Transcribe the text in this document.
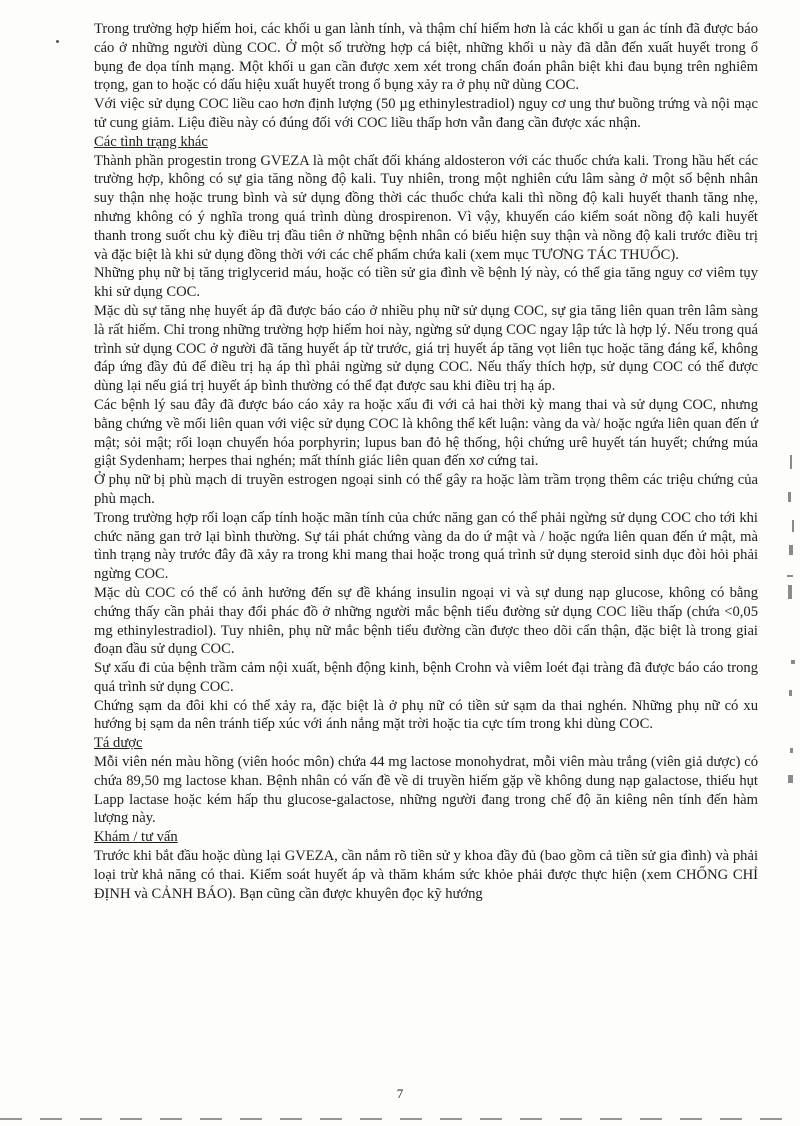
Trong trường hợp hiếm hoi, các khối u gan lành tính, và thậm chí hiếm hơn là các khối u gan ác tính đã được báo cáo ở những người dùng COC. Ở một số trường hợp cá biệt, những khối u này đã dẫn đến xuất huyết trong ổ bụng đe dọa tính mạng. Một khối u gan cần được xem xét trong chẩn đoán phân biệt khi đau bụng trên nghiêm trọng, gan to hoặc có dấu hiệu xuất huyết trong ổ bụng xảy ra ở phụ nữ dùng COC.

Với việc sử dụng COC liều cao hơn định lượng (50 µg ethinylestradiol) nguy cơ ung thư buồng trứng và nội mạc tử cung giảm. Liệu điều này có đúng đối với COC liều thấp hơn vẫn đang cần được xác nhận.

Các tình trạng khác

Thành phần progestin trong GVEZA là một chất đối kháng aldosteron với các thuốc chứa kali. Trong hầu hết các trường hợp, không có sự gia tăng nồng độ kali. Tuy nhiên, trong một nghiên cứu lâm sàng ở một số bệnh nhân suy thận nhẹ hoặc trung bình và sử dụng đồng thời các thuốc chứa kali thì nồng độ kali huyết thanh tăng nhẹ, nhưng không có ý nghĩa trong quá trình dùng drospirenon. Vì vậy, khuyến cáo kiểm soát nồng độ kali huyết thanh trong suốt chu kỳ điều trị đầu tiên ở những bệnh nhân có biểu hiện suy thận và nồng độ kali trước điều trị và đặc biệt là khi sử dụng đồng thời với các chế phẩm chứa kali (xem mục TƯƠNG TÁC THUỐC).

Những phụ nữ bị tăng triglycerid máu, hoặc có tiền sử gia đình về bệnh lý này, có thể gia tăng nguy cơ viêm tụy khi sử dụng COC.

Mặc dù sự tăng nhẹ huyết áp đã được báo cáo ở nhiều phụ nữ sử dụng COC, sự gia tăng liên quan trên lâm sàng là rất hiếm. Chỉ trong những trường hợp hiếm hoi này, ngừng sử dụng COC ngay lập tức là hợp lý. Nếu trong quá trình sử dụng COC ở người đã tăng huyết áp từ trước, giá trị huyết áp tăng vọt liên tục hoặc tăng đáng kể, không đáp ứng đầy đủ để điều trị hạ áp thì phải ngừng sử dụng COC. Nếu thấy thích hợp, sử dụng COC có thể được dùng lại nếu giá trị huyết áp bình thường có thể đạt được sau khi điều trị hạ áp.

Các bệnh lý sau đây đã được báo cáo xảy ra hoặc xấu đi với cả hai thời kỳ mang thai và sử dụng COC, nhưng bằng chứng về mối liên quan với việc sử dụng COC là không thể kết luận: vàng da và/ hoặc ngứa liên quan đến ứ mật; sỏi mật; rối loạn chuyển hóa porphyrin; lupus ban đỏ hệ thống, hội chứng urê huyết tán huyết; chứng múa giật Sydenham; herpes thai nghén; mất thính giác liên quan đến xơ cứng tai.

Ở phụ nữ bị phù mạch di truyền estrogen ngoại sinh có thể gây ra hoặc làm trầm trọng thêm các triệu chứng của phù mạch.

Trong trường hợp rối loạn cấp tính hoặc mãn tính của chức năng gan có thể phải ngừng sử dụng COC cho tới khi chức năng gan trở lại bình thường. Sự tái phát chứng vàng da do ứ mật và / hoặc ngứa liên quan đến ứ mật, mà tình trạng này trước đây đã xảy ra trong khi mang thai hoặc trong quá trình sử dụng steroid sinh dục đòi hỏi phải ngừng COC.

Mặc dù COC có thể có ảnh hưởng đến sự đề kháng insulin ngoại vi và sự dung nạp glucose, không có bằng chứng thấy cần phải thay đổi phác đồ ở những người mắc bệnh tiểu đường sử dụng COC liều thấp (chứa <0,05 mg ethinylestradiol). Tuy nhiên, phụ nữ mắc bệnh tiểu đường cần được theo dõi cẩn thận, đặc biệt là trong giai đoạn đầu sử dụng COC.

Sự xấu đi của bệnh trầm cảm nội xuất, bệnh động kinh, bệnh Crohn và viêm loét đại tràng đã được báo cáo trong quá trình sử dụng COC.

Chứng sạm da đôi khi có thể xảy ra, đặc biệt là ở phụ nữ có tiền sử sạm da thai nghén. Những phụ nữ có xu hướng bị sạm da nên tránh tiếp xúc với ánh nắng mặt trời hoặc tia cực tím trong khi dùng COC.

Tá dược

Mỗi viên nén màu hồng (viên hoóc môn) chứa 44 mg lactose monohydrat, mỗi viên màu trắng (viên giả dược) có chứa 89,50 mg lactose khan. Bệnh nhân có vấn đề về di truyền hiếm gặp về không dung nạp galactose, thiếu hụt Lapp lactase hoặc kém hấp thu glucose-galactose, những người đang trong chế độ ăn kiêng nên tính đến hàm lượng này.

Khám / tư vấn

Trước khi bắt đầu hoặc dùng lại GVEZA, cần nắm rõ tiền sử y khoa đầy đủ (bao gồm cả tiền sử gia đình) và phải loại trừ khả năng có thai. Kiểm soát huyết áp và thăm khám sức khỏe phải được thực hiện (xem CHỐNG CHỈ ĐỊNH và CẢNH BÁO). Bạn cũng cần được khuyên đọc kỹ hướng

7
